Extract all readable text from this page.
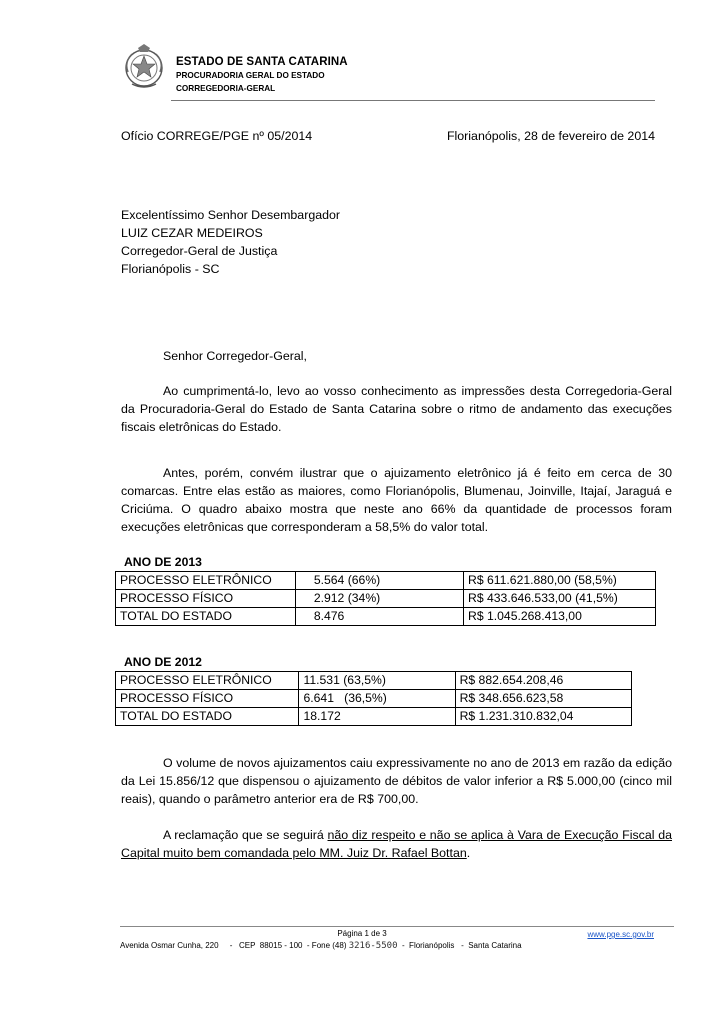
ESTADO DE SANTA CATARINA
PROCURADORIA GERAL DO ESTADO
CORREGEDORIA-GERAL
Ofício CORREGE/PGE nº 05/2014	Florianópolis, 28 de fevereiro de 2014
Excelentíssimo Senhor Desembargador
LUIZ CEZAR MEDEIROS
Corregedor-Geral de Justiça
Florianópolis - SC
Senhor Corregedor-Geral,

Ao cumprimentá-lo, levo ao vosso conhecimento as impressões desta Corregedoria-Geral da Procuradoria-Geral do Estado de Santa Catarina sobre o ritmo de andamento das execuções fiscais eletrônicas do Estado.

Antes, porém, convém ilustrar que o ajuizamento eletrônico já é feito em cerca de 30 comarcas. Entre elas estão as maiores, como Florianópolis, Blumenau, Joinville, Itajaí, Jaraguá e Criciúma. O quadro abaixo mostra que neste ano 66% da quantidade de processos foram execuções eletrônicas que corresponderam a 58,5% do valor total.

ANO DE 2013
PROCESSO ELETRÔNICO	5.564 (66%)	R$ 611.621.880,00 (58,5%)
PROCESSO FÍSICO	2.912 (34%)	R$ 433.646.533,00 (41,5%)
TOTAL DO ESTADO	8.476	R$ 1.045.268.413,00
ANO DE 2012
PROCESSO ELETRÔNICO	11.531 (63,5%)	R$ 882.654.208,46
PROCESSO FÍSICO	6.641   (36,5%)	R$ 348.656.623,58
TOTAL DO ESTADO	18.172	R$ 1.231.310.832,04

O volume de novos ajuizamentos caiu expressivamente no ano de 2013 em razão da edição da Lei 15.856/12 que dispensou o ajuizamento de débitos de valor inferior a R$ 5.000,00 (cinco mil reais), quando o parâmetro anterior era de R$ 700,00.

A reclamação que se seguirá não diz respeito e não se aplica à Vara de Execução Fiscal da Capital muito bem comandada pelo MM. Juiz Dr. Rafael Bottan.

Página 1 de 3	www.pge.sc.gov.br
Avenida Osmar Cunha, 220     -   CEP  88015 - 100  - Fone (48) 3216-5500  -  Florianópolis   -  Santa Catarina
